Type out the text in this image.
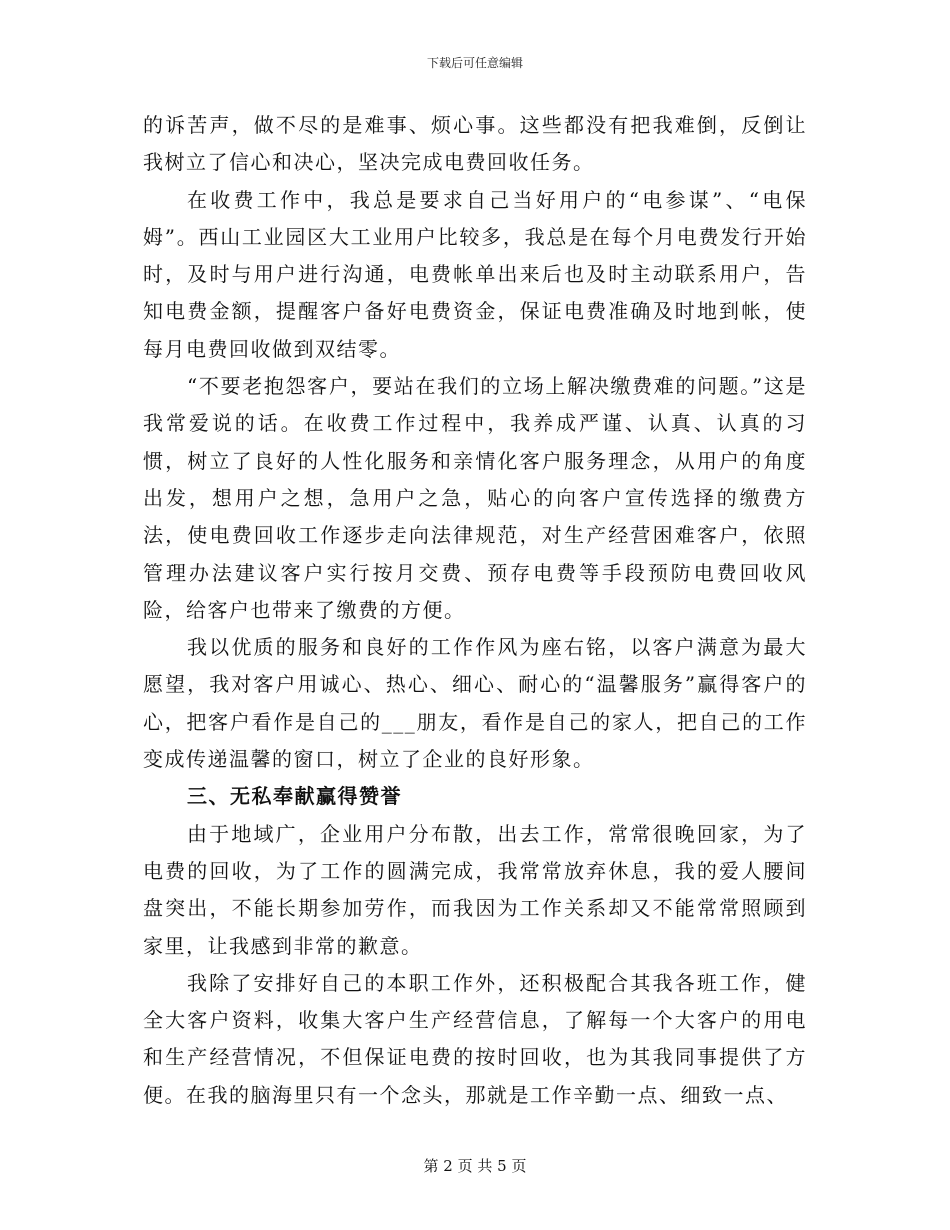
下载后可任意编辑

的诉苦声，做不尽的是难事、烦心事。这些都没有把我难倒，反倒让我树立了信心和决心，坚决完成电费回收任务。

在收费工作中，我总是要求自己当好用户的“电参谋”、“电保姆”。西山工业园区大工业用户比较多，我总是在每个月电费发行开始时，及时与用户进行沟通，电费帐单出来后也及时主动联系用户，告知电费金额，提醒客户备好电费资金，保证电费准确及时地到帐，使每月电费回收做到双结零。

“不要老抱怨客户，要站在我们的立场上解决缴费难的问题。”这是我常爱说的话。在收费工作过程中，我养成严谨、认真、认真的习惯，树立了良好的人性化服务和亲情化客户服务理念，从用户的角度出发，想用户之想，急用户之急，贴心的向客户宣传选择的缴费方法，使电费回收工作逐步走向法律规范，对生产经营困难客户，依照管理办法建议客户实行按月交费、预存电费等手段预防电费回收风险，给客户也带来了缴费的方便。

我以优质的服务和良好的工作作风为座右铭，以客户满意为最大愿望，我对客户用诚心、热心、细心、耐心的“温馨服务”赢得客户的心，把客户看作是自己的___朋友，看作是自己的家人，把自己的工作变成传递温馨的窗口，树立了企业的良好形象。

三、无私奉献赢得赞誉

由于地域广，企业用户分布散，出去工作，常常很晚回家，为了电费的回收，为了工作的圆满完成，我常常放弃休息，我的爱人腰间盘突出，不能长期参加劳作，而我因为工作关系却又不能常常照顾到家里，让我感到非常的歉意。

我除了安排好自己的本职工作外，还积极配合其我各班工作，健全大客户资料，收集大客户生产经营信息，了解每一个大客户的用电和生产经营情况，不但保证电费的按时回收，也为其我同事提供了方便。在我的脑海里只有一个念头，那就是工作辛勤一点、细致一点、

第 2 页 共 5 页
